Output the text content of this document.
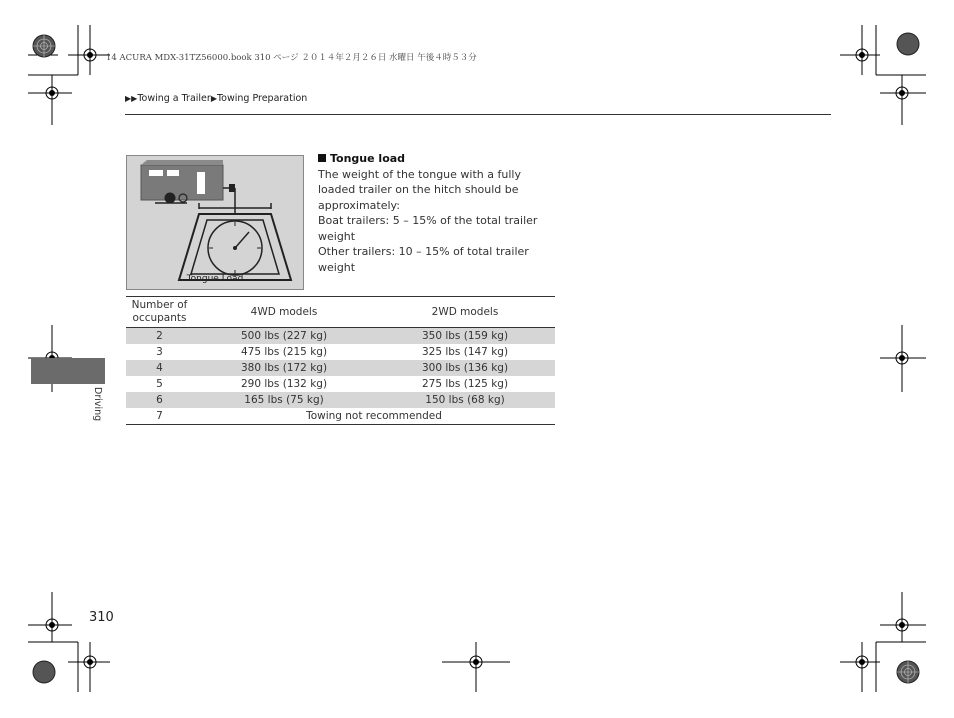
14 ACURA MDX-31TZ56000.book 310 ページ ２０１４年２月２６日 水曜日 午後４時５３分
▶▶Towing a Trailer▶Towing Preparation
Tongue Load

Tongue load

The weight of the tongue with a fully loaded trailer on the hitch should be approximately:

Boat trailers: 5 – 15% of the total trailer weight

Other trailers: 10 – 15% of total trailer weight

Number of occupants	4WD models	2WD models
2	500 lbs (227 kg)	350 lbs (159 kg)
3	475 lbs (215 kg)	325 lbs (147 kg)
4	380 lbs (172 kg)	300 lbs (136 kg)
5	290 lbs (132 kg)	275 lbs (125 kg)
6	165 lbs (75 kg)	150 lbs (68 kg)
7	Towing not recommended	
Driving
310
